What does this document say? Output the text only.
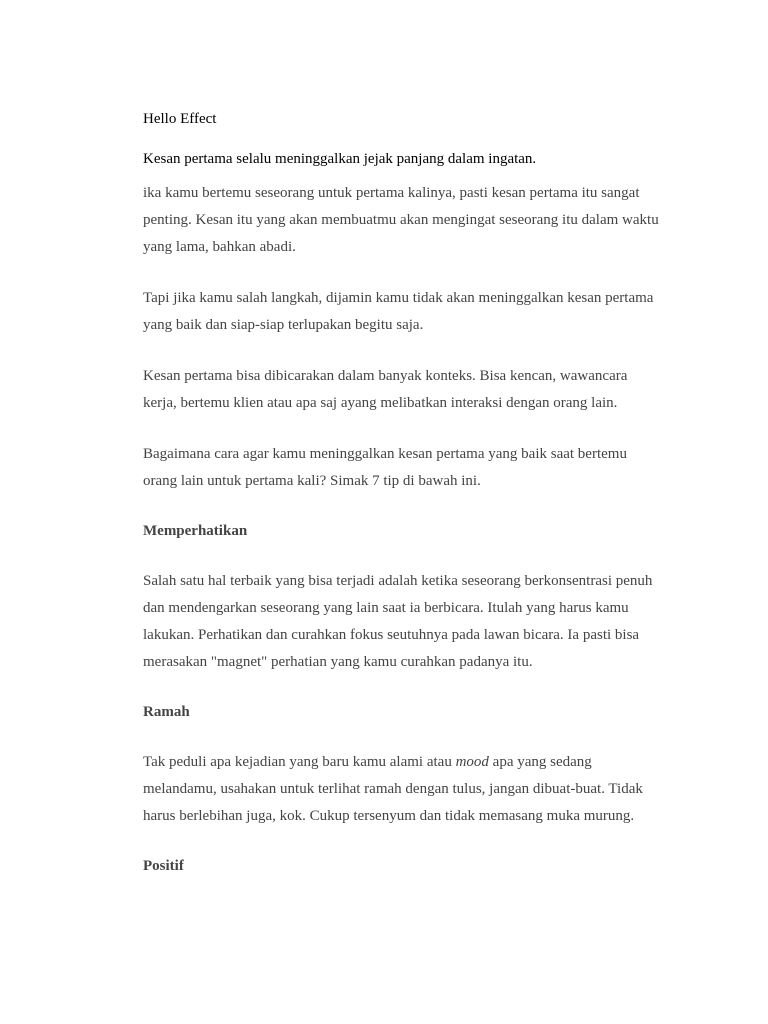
Hello Effect

Kesan pertama selalu meninggalkan jejak panjang dalam ingatan.

ika kamu bertemu seseorang untuk pertama kalinya, pasti kesan pertama itu sangat penting. Kesan itu yang akan membuatmu akan mengingat seseorang itu dalam waktu yang lama, bahkan abadi.

Tapi jika kamu salah langkah, dijamin kamu tidak akan meninggalkan kesan pertama yang baik dan siap-siap terlupakan begitu saja.

Kesan pertama bisa dibicarakan dalam banyak konteks. Bisa kencan, wawancara kerja, bertemu klien atau apa saj ayang melibatkan interaksi dengan orang lain.

Bagaimana cara agar kamu meninggalkan kesan pertama yang baik saat bertemu orang lain untuk pertama kali? Simak 7 tip di bawah ini.

Memperhatikan

Salah satu hal terbaik yang bisa terjadi adalah ketika seseorang berkonsentrasi penuh dan mendengarkan seseorang yang lain saat ia berbicara. Itulah yang harus kamu lakukan. Perhatikan dan curahkan fokus seutuhnya pada lawan bicara. Ia pasti bisa merasakan "magnet" perhatian yang kamu curahkan padanya itu.

Ramah

Tak peduli apa kejadian yang baru kamu alami atau mood apa yang sedang melandamu, usahakan untuk terlihat ramah dengan tulus, jangan dibuat-buat. Tidak harus berlebihan juga, kok. Cukup tersenyum dan tidak memasang muka murung.

Positif
